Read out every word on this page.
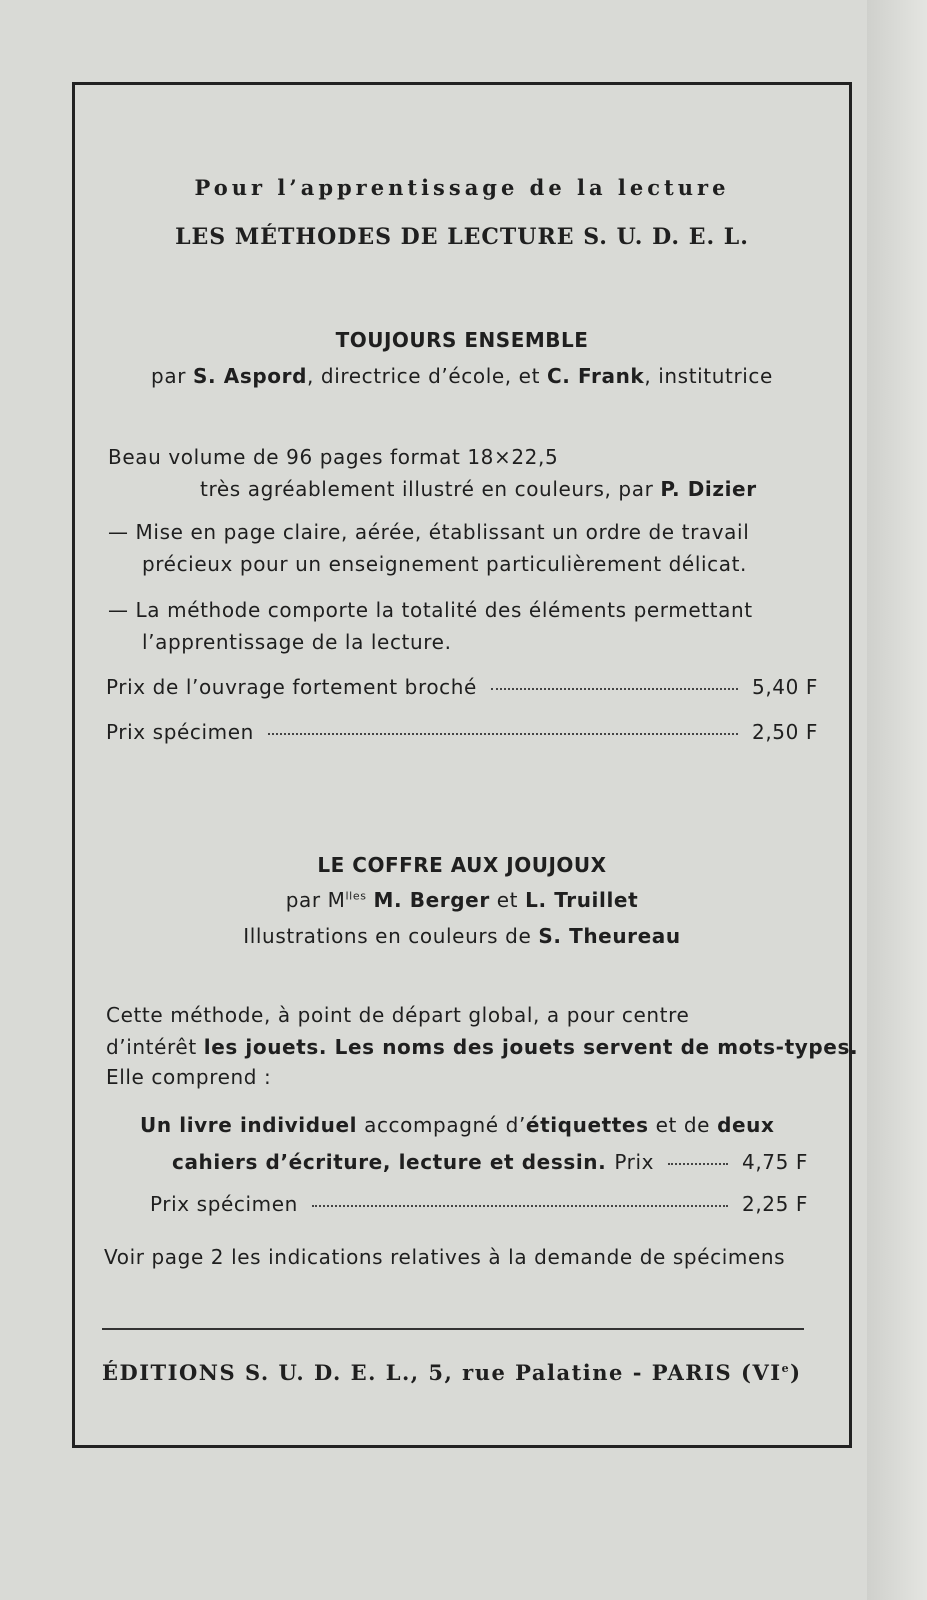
Pour l’apprentissage de la lecture
LES MÉTHODES DE LECTURE S. U. D. E. L.
TOUJOURS ENSEMBLE
par S. Aspord, directrice d’école, et C. Frank, institutrice
Beau volume de 96 pages format 18×22,5
très agréablement illustré en couleurs, par P. Dizier
— Mise en page claire, aérée, établissant un ordre de travail
précieux pour un enseignement particulièrement délicat.
— La méthode comporte la totalité des éléments permettant
l’apprentissage de la lecture.
Prix de l’ouvrage fortement broché	5,40 F
Prix spécimen	2,50 F
LE COFFRE AUX JOUJOUX
par $M^{lles}$ M. Berger et L. Truillet
Illustrations en couleurs de S. Theureau
Cette méthode, à point de départ global, a pour centre
d’intérêt les jouets. Les noms des jouets servent de mots-types.
Elle comprend :
Un livre individuel accompagné d’étiquettes et de deux
cahiers d’écriture, lecture et dessin. Prix	4,75 F
Prix spécimen	2,25 F
Voir page 2 les indications relatives à la demande de spécimens
ÉDITIONS S. U. D. E. L., 5, rue Palatine - PARIS (VIe)
